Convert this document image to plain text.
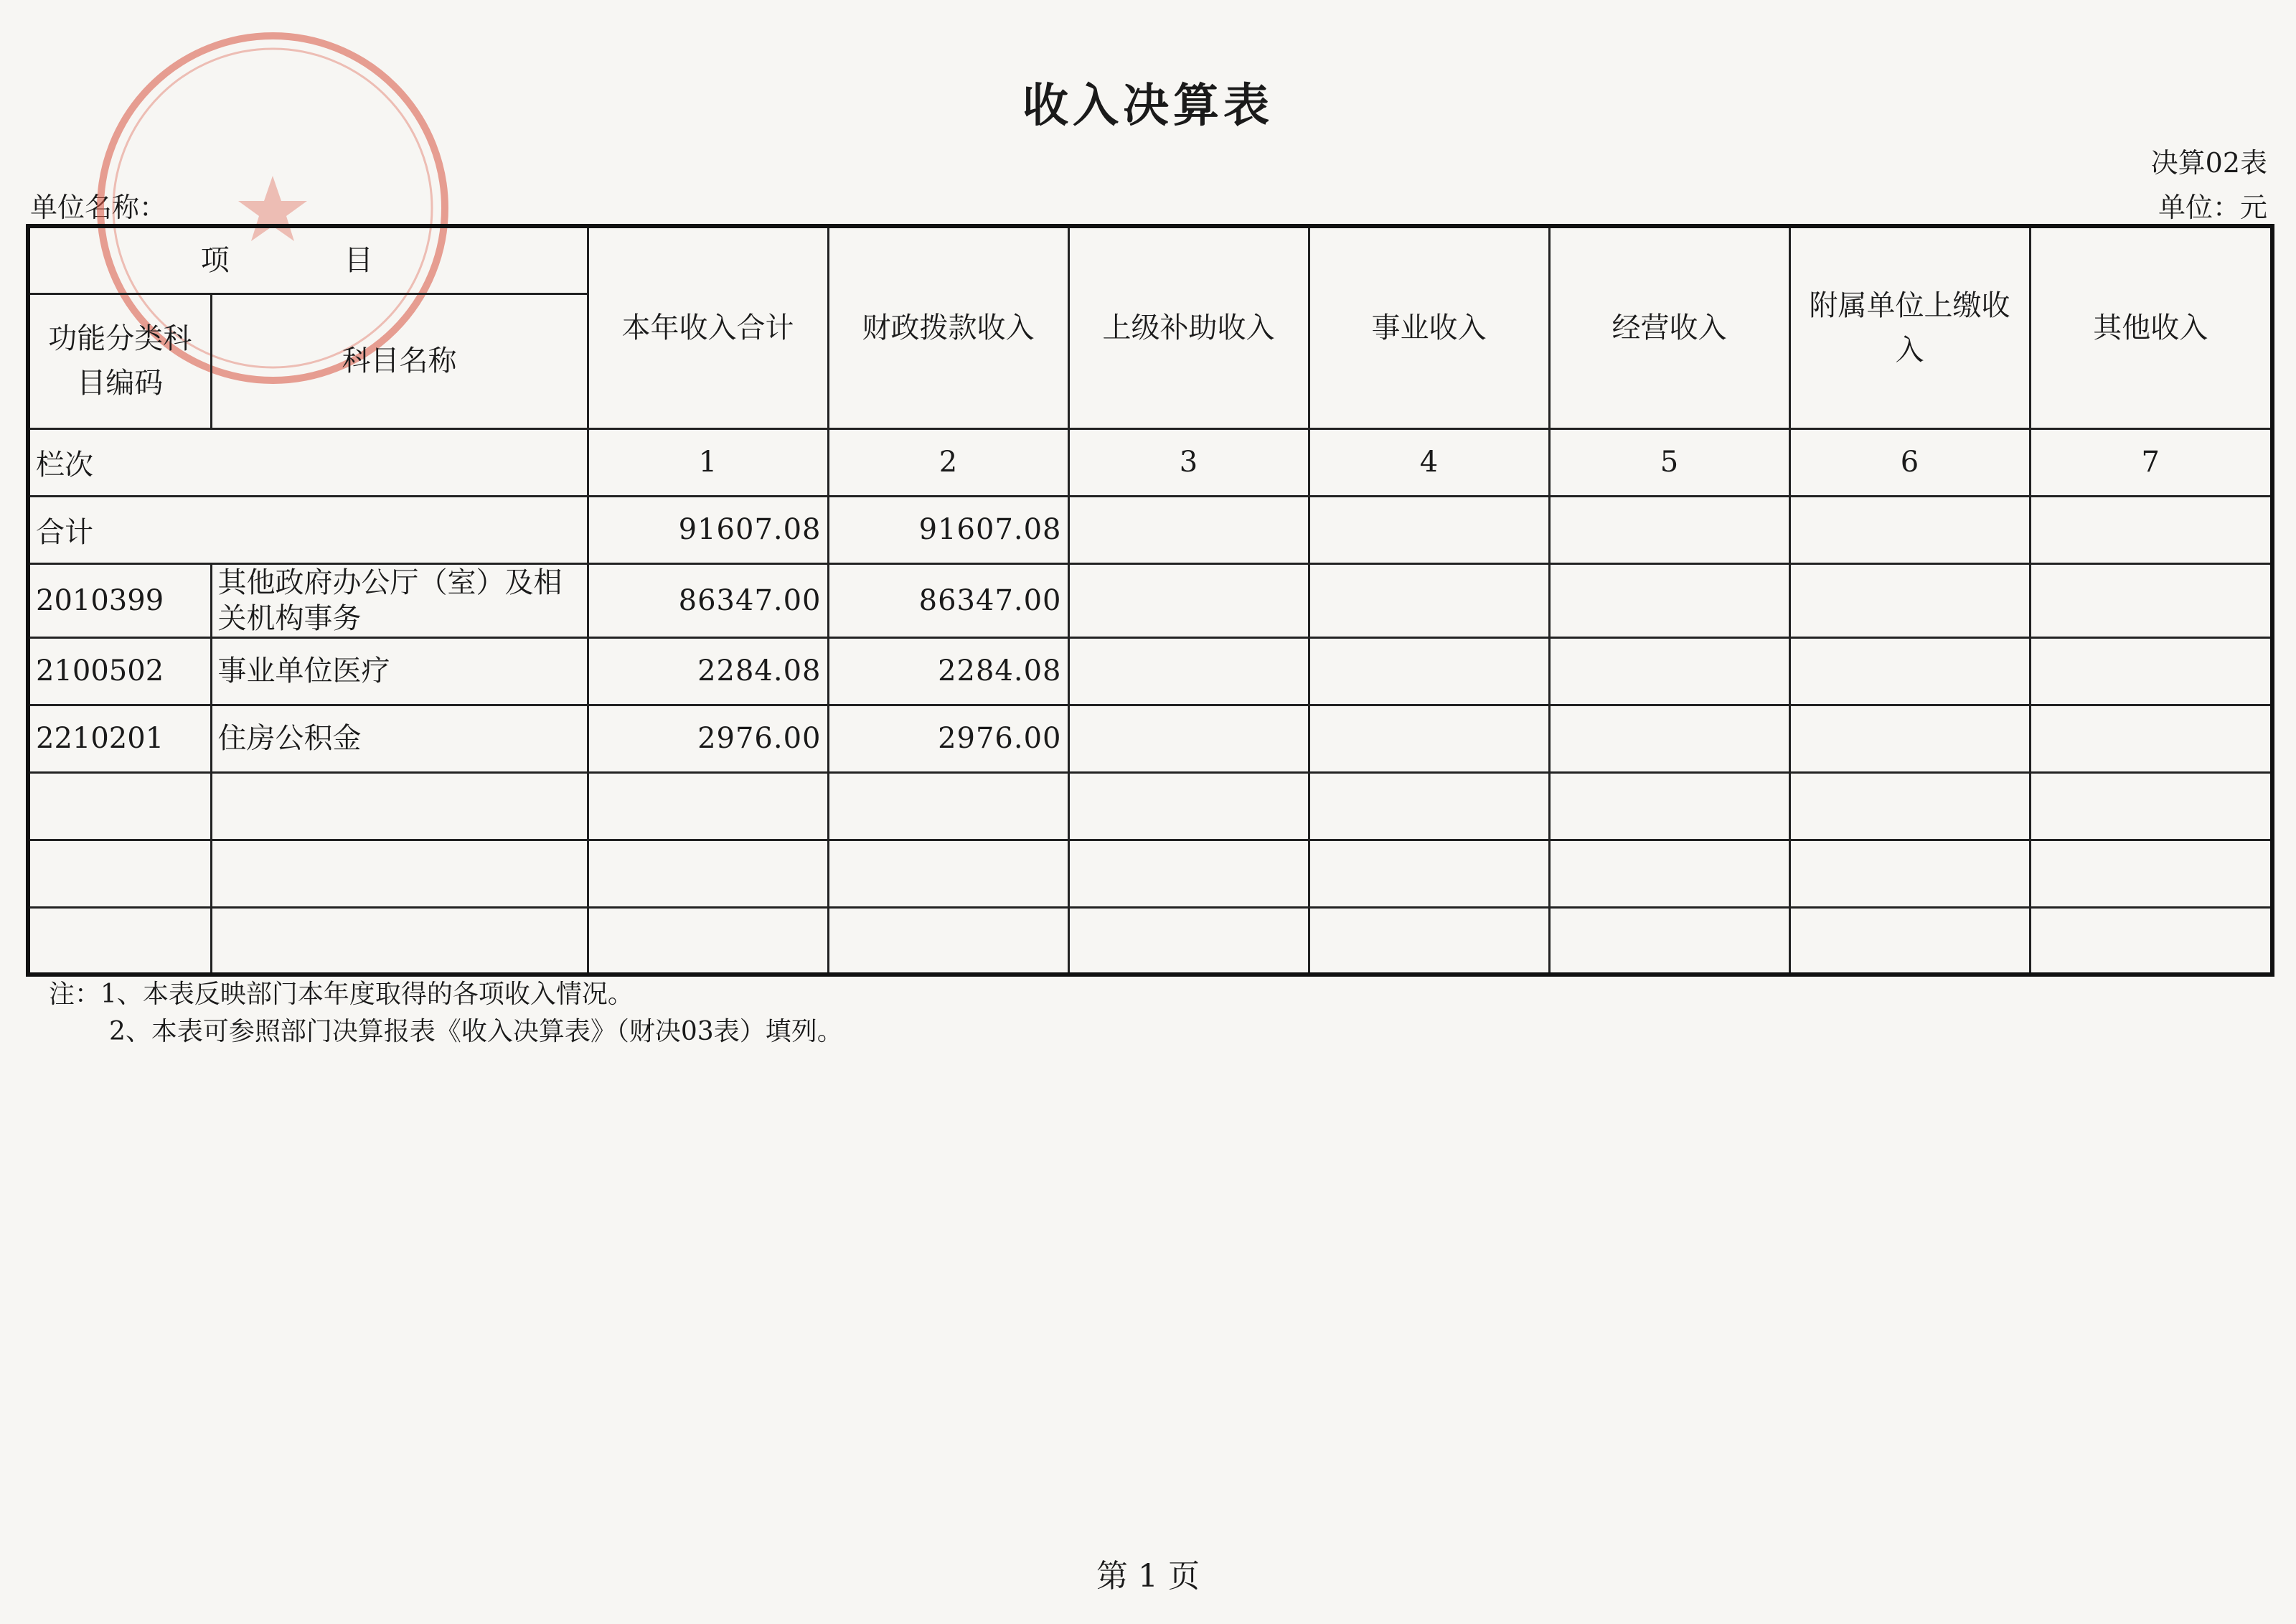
收入决算表
决算02表
单位：元
单位名称：
项　目		本年收入合计	财政拨款收入	上级补助收入	事业收入	经营收入	附属单位上缴收入	其他收入
功能分类科目编码	科目名称							
栏次		1	2	3	4	5	6	7
合计		91607.08	91607.08					
2010399	其他政府办公厅（室）及相关机构事务	86347.00	86347.00					
2100502	事业单位医疗	2284.08	2284.08					
2210201	住房公积金	2976.00	2976.00					

注：1、本表反映部门本年度取得的各项收入情况。
2、本表可参照部门决算报表《收入决算表》（财决03表）填列。
第 1 页
